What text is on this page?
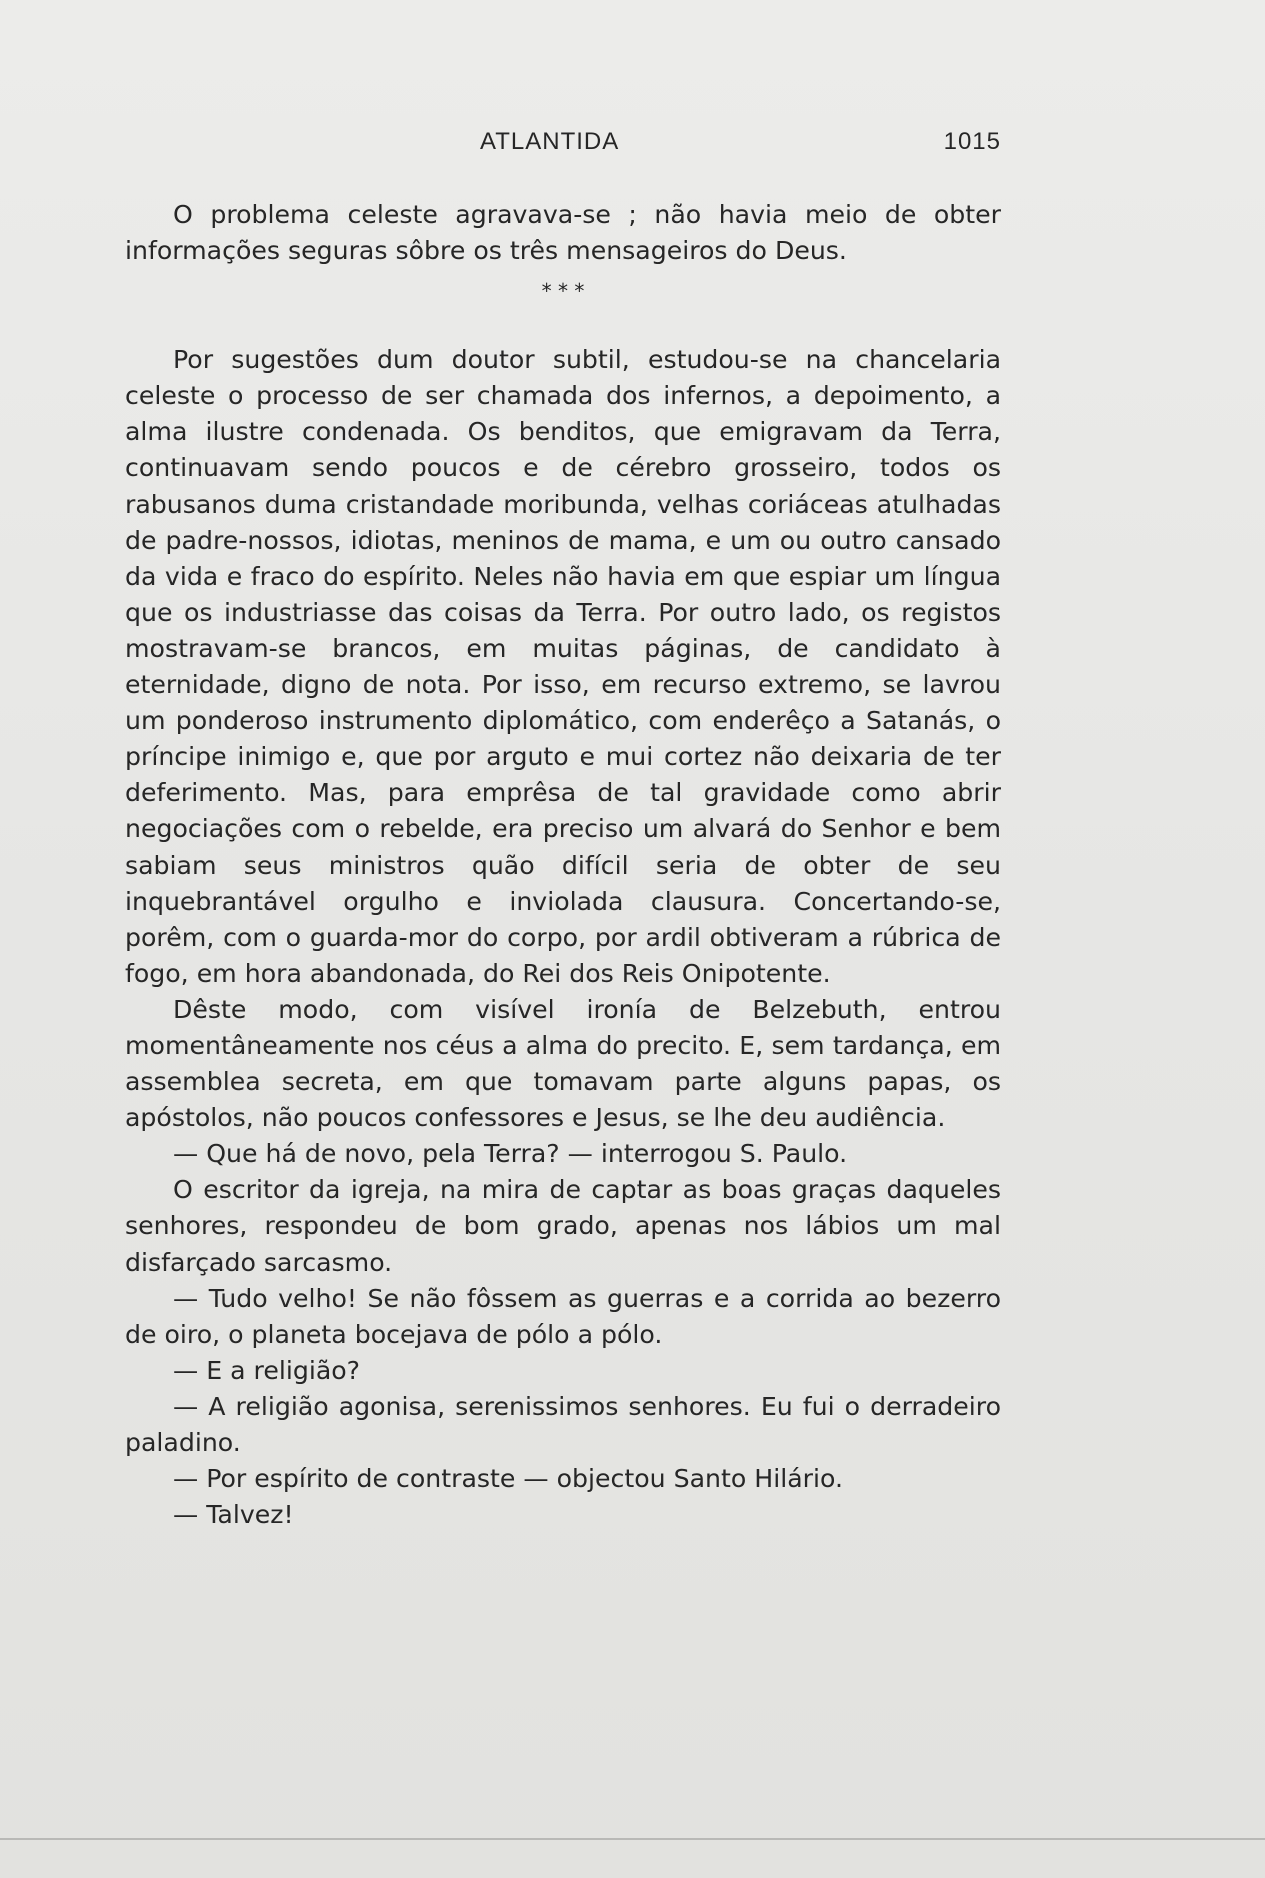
ATLANTIDA	1015

O problema celeste agravava-se ; não havia meio de obter informações seguras sôbre os três mensageiros do Deus.

* * *

Por sugestões dum doutor subtil, estudou-se na chancelaria celeste o processo de ser chamada dos infernos, a depoimento, a alma ilustre condenada. Os benditos, que emigravam da Terra, continuavam sendo poucos e de cérebro grosseiro, todos os rabusanos duma cristandade moribunda, velhas coriáceas atulhadas de padre-nossos, idiotas, meninos de mama, e um ou outro cansado da vida e fraco do espírito. Neles não havia em que espiar um língua que os industriasse das coisas da Terra. Por outro lado, os registos mostravam-se brancos, em muitas páginas, de candidato à eternidade, digno de nota. Por isso, em recurso extremo, se lavrou um ponderoso instrumento diplomático, com enderêço a Satanás, o príncipe inimigo e, que por arguto e mui cortez não deixaria de ter deferimento. Mas, para emprêsa de tal gravidade como abrir negociações com o rebelde, era preciso um alvará do Senhor e bem sabiam seus ministros quão difícil seria de obter de seu inquebrantável orgulho e inviolada clausura. Concertando-se, porêm, com o guarda-mor do corpo, por ardil obtiveram a rúbrica de fogo, em hora abandonada, do Rei dos Reis Onipotente.

Dêste modo, com visível ironía de Belzebuth, entrou momentâneamente nos céus a alma do precito. E, sem tardança, em assemblea secreta, em que tomavam parte alguns papas, os apóstolos, não poucos confessores e Jesus, se lhe deu audiência.

— Que há de novo, pela Terra? — interrogou S. Paulo.

O escritor da igreja, na mira de captar as boas graças daqueles senhores, respondeu de bom grado, apenas nos lábios um mal disfarçado sarcasmo.

— Tudo velho! Se não fôssem as guerras e a corrida ao bezerro de oiro, o planeta bocejava de pólo a pólo.

— E a religião?

— A religião agonisa, serenissimos senhores. Eu fui o derradeiro paladino.

— Por espírito de contraste — objectou Santo Hilário.

— Talvez!
